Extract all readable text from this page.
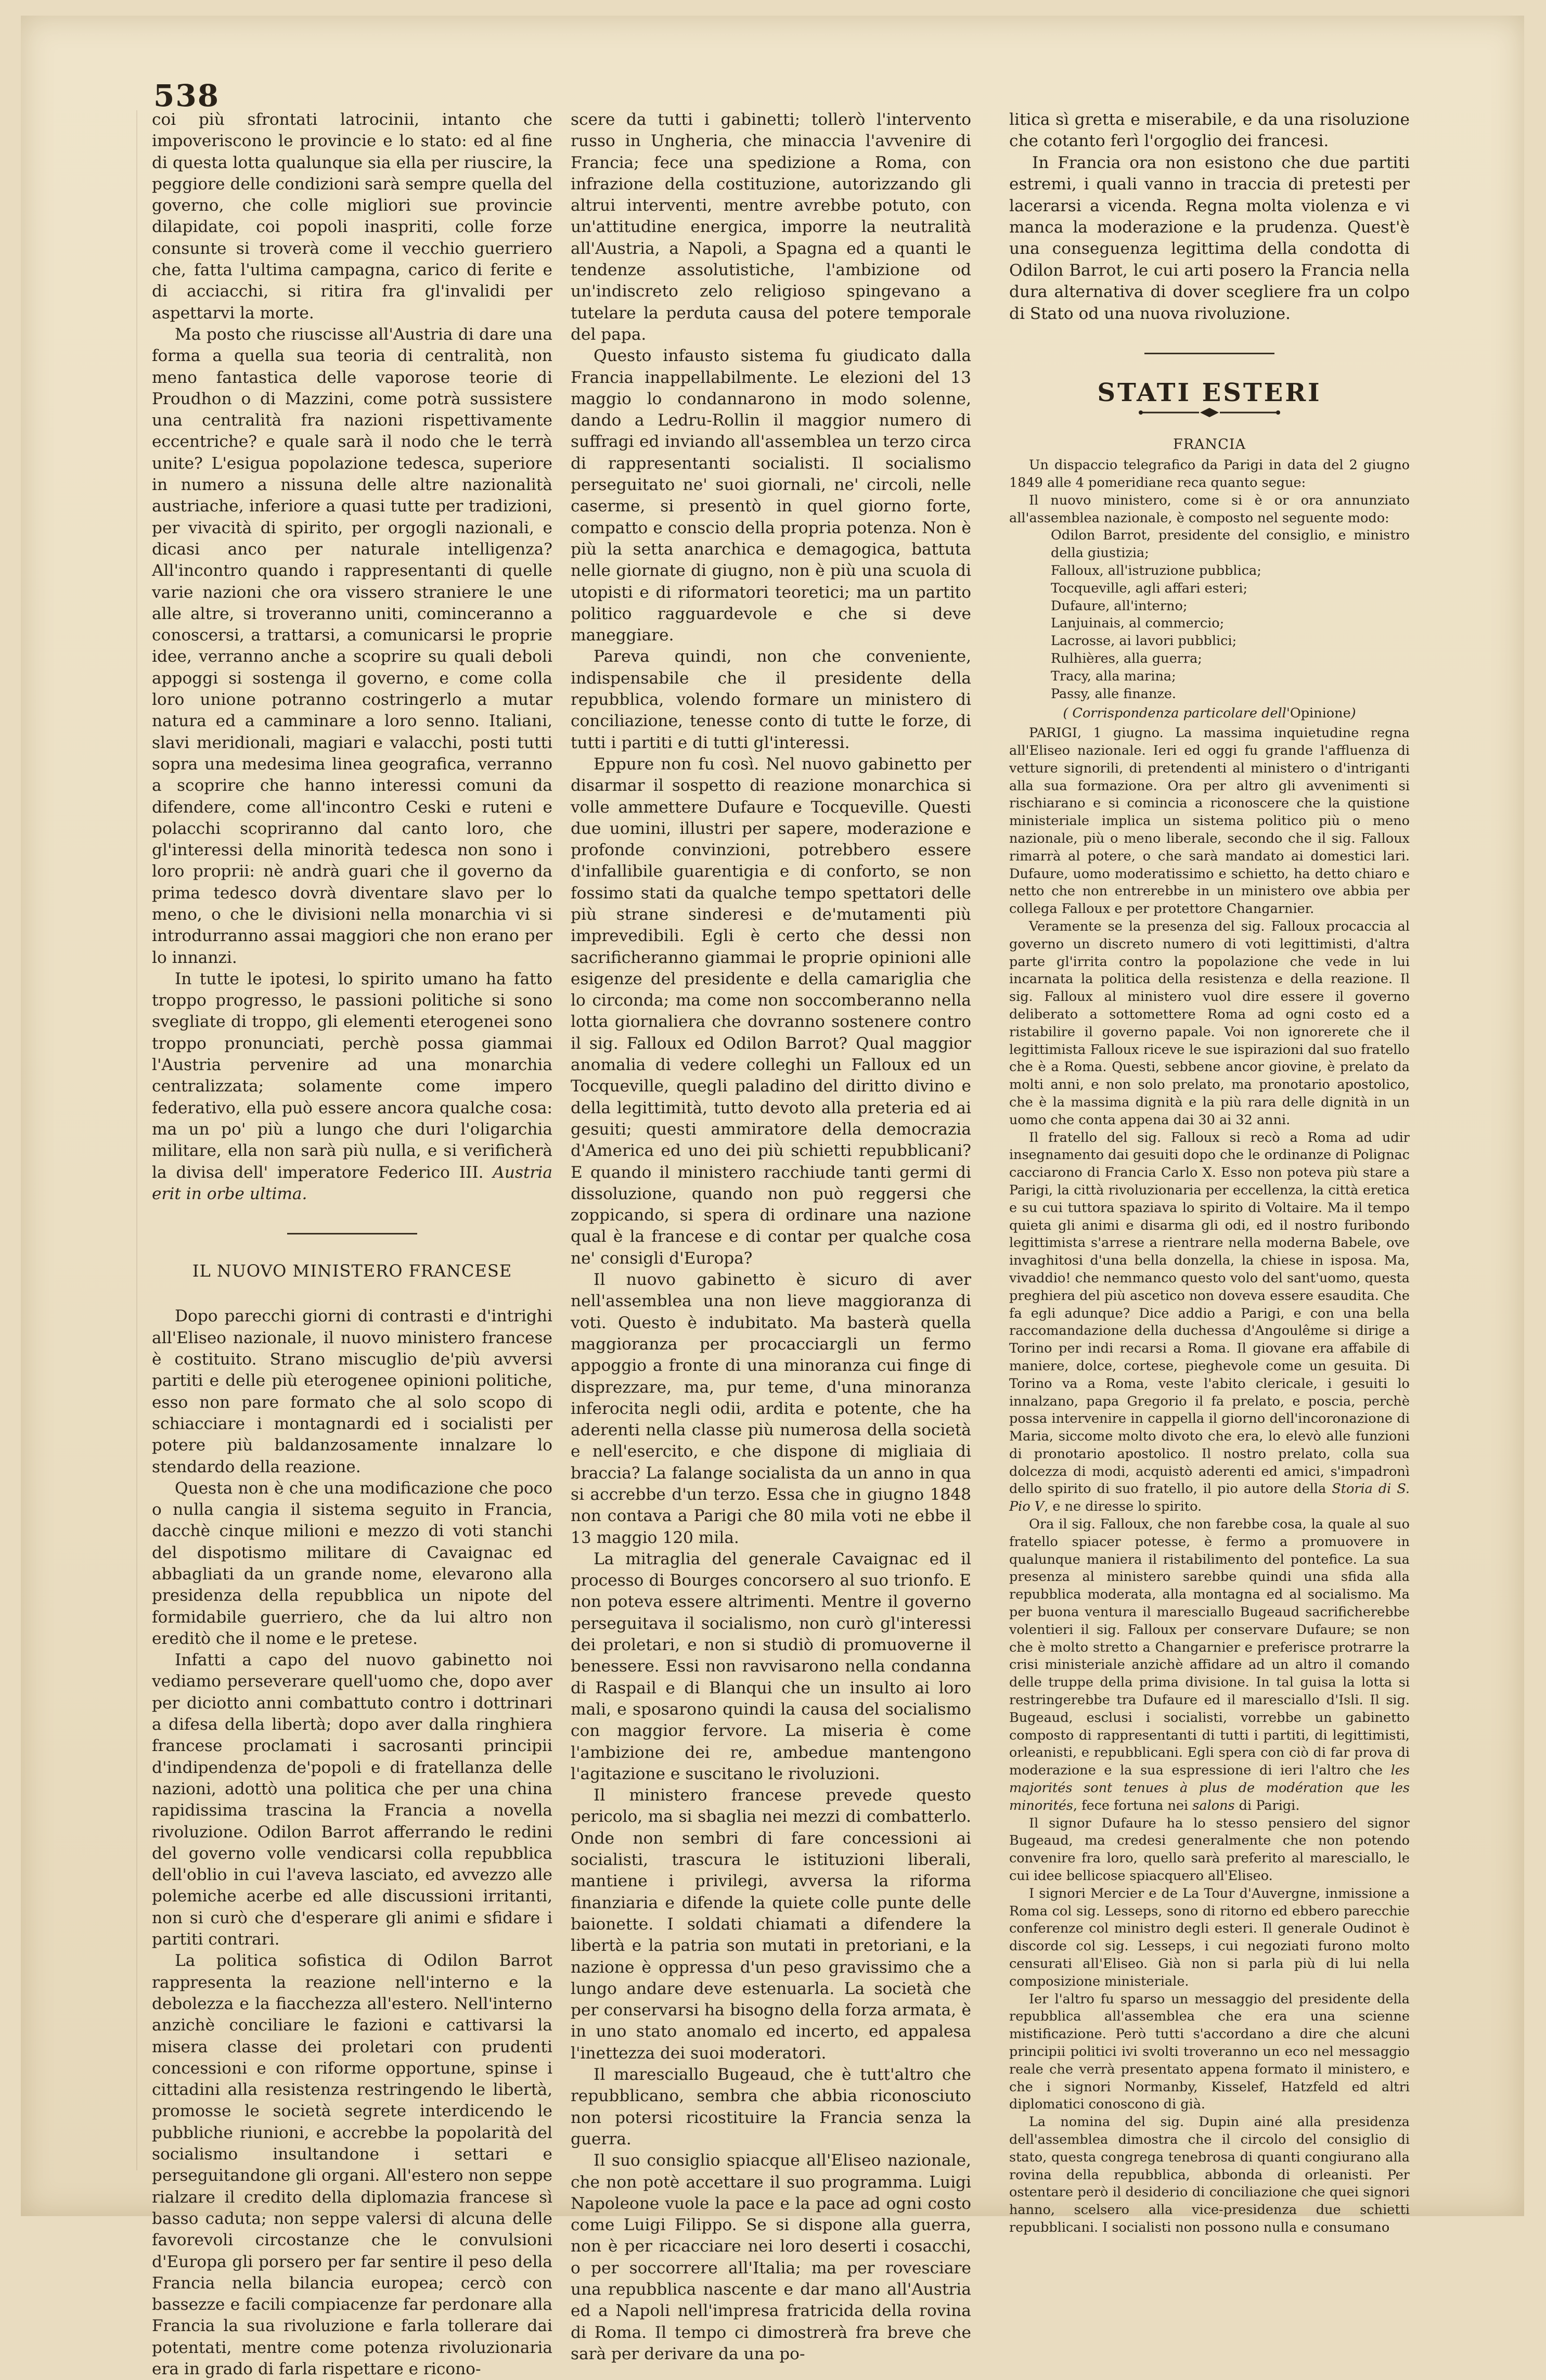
538

coi più sfrontati latrocinii, intanto che impoveriscono le provincie e lo stato: ed al fine di questa lotta qualunque sia ella per riuscire, la peggiore delle condizioni sarà sempre quella del governo, che colle migliori sue provincie dilapidate, coi popoli inaspriti, colle forze consunte si troverà come il vecchio guerriero che, fatta l'ultima campagna, carico di ferite e di acciacchi, si ritira fra gl'invalidi per aspettarvi la morte.

Ma posto che riuscisse all'Austria di dare una forma a quella sua teoria di centralità, non meno fantastica delle vaporose teorie di Proudhon o di Mazzini, come potrà sussistere una centralità fra nazioni rispettivamente eccentriche? e quale sarà il nodo che le terrà unite? L'esigua popolazione tedesca, superiore in numero a nissuna delle altre nazionalità austriache, inferiore a quasi tutte per tradizioni, per vivacità di spirito, per orgogli nazionali, e dicasi anco per naturale intelligenza? All'incontro quando i rappresentanti di quelle varie nazioni che ora vissero straniere le une alle altre, si troveranno uniti, cominceranno a conoscersi, a trattarsi, a comunicarsi le proprie idee, verranno anche a scoprire su quali deboli appoggi si sostenga il governo, e come colla loro unione potranno costringerlo a mutar natura ed a camminare a loro senno. Italiani, slavi meridionali, magiari e valacchi, posti tutti sopra una medesima linea geografica, verranno a scoprire che hanno interessi comuni da difendere, come all'incontro Ceski e ruteni e polacchi scopriranno dal canto loro, che gl'interessi della minorità tedesca non sono i loro proprii: nè andrà guari che il governo da prima tedesco dovrà diventare slavo per lo meno, o che le divisioni nella monarchia vi si introdurranno assai maggiori che non erano per lo innanzi.

In tutte le ipotesi, lo spirito umano ha fatto troppo progresso, le passioni politiche si sono svegliate di troppo, gli elementi eterogenei sono troppo pronunciati, perchè possa giammai l'Austria pervenire ad una monarchia centralizzata; solamente come impero federativo, ella può essere ancora qualche cosa: ma un po' più a lungo che duri l'oligarchia militare, ella non sarà più nulla, e si verificherà la divisa dell' imperatore Federico III. Austria erit in orbe ultima.

IL NUOVO MINISTERO FRANCESE

Dopo parecchi giorni di contrasti e d'intrighi all'Eliseo nazionale, il nuovo ministero francese è costituito. Strano miscuglio de'più avversi partiti e delle più eterogenee opinioni politiche, esso non pare formato che al solo scopo di schiacciare i montagnardi ed i socialisti per potere più baldanzosamente innalzare lo stendardo della reazione.

Questa non è che una modificazione che poco o nulla cangia il sistema seguito in Francia, dacchè cinque milioni e mezzo di voti stanchi del dispotismo militare di Cavaignac ed abbagliati da un grande nome, elevarono alla presidenza della repubblica un nipote del formidabile guerriero, che da lui altro non ereditò che il nome e le pretese.

Infatti a capo del nuovo gabinetto noi vediamo perseverare quell'uomo che, dopo aver per diciotto anni combattuto contro i dottrinari a difesa della libertà; dopo aver dalla ringhiera francese proclamati i sacrosanti principii d'indipendenza de'popoli e di fratellanza delle nazioni, adottò una politica che per una china rapidissima trascina la Francia a novella rivoluzione. Odilon Barrot afferrando le redini del governo volle vendicarsi colla repubblica dell'oblio in cui l'aveva lasciato, ed avvezzo alle polemiche acerbe ed alle discussioni irritanti, non si curò che d'esperare gli animi e sfidare i partiti contrari.

La politica sofistica di Odilon Barrot rappresenta la reazione nell'interno e la debolezza e la fiacchezza all'estero. Nell'interno anzichè conciliare le fazioni e cattivarsi la misera classe dei proletari con prudenti concessioni e con riforme opportune, spinse i cittadini alla resistenza restringendo le libertà, promosse le società segrete interdicendo le pubbliche riunioni, e accrebbe la popolarità del socialismo insultandone i settari e perseguitandone gli organi. All'estero non seppe rialzare il credito della diplomazia francese sì basso caduta; non seppe valersi di alcuna delle favorevoli circostanze che le convulsioni d'Europa gli porsero per far sentire il peso della Francia nella bilancia europea; cercò con bassezze e facili compiacenze far perdonare alla Francia la sua rivoluzione e farla tollerare dai potentati, mentre come potenza rivoluzionaria era in grado di farla rispettare e ricono-

scere da tutti i gabinetti; tollerò l'intervento russo in Ungheria, che minaccia l'avvenire di Francia; fece una spedizione a Roma, con infrazione della costituzione, autorizzando gli altrui interventi, mentre avrebbe potuto, con un'attitudine energica, imporre la neutralità all'Austria, a Napoli, a Spagna ed a quanti le tendenze assolutistiche, l'ambizione od un'indiscreto zelo religioso spingevano a tutelare la perduta causa del potere temporale del papa.

Questo infausto sistema fu giudicato dalla Francia inappellabilmente. Le elezioni del 13 maggio lo condannarono in modo solenne, dando a Ledru-Rollin il maggior numero di suffragi ed inviando all'assemblea un terzo circa di rappresentanti socialisti. Il socialismo perseguitato ne' suoi giornali, ne' circoli, nelle caserme, si presentò in quel giorno forte, compatto e conscio della propria potenza. Non è più la setta anarchica e demagogica, battuta nelle giornate di giugno, non è più una scuola di utopisti e di riformatori teoretici; ma un partito politico ragguardevole e che si deve maneggiare.

Pareva quindi, non che conveniente, indispensabile che il presidente della repubblica, volendo formare un ministero di conciliazione, tenesse conto di tutte le forze, di tutti i partiti e di tutti gl'interessi.

Eppure non fu così. Nel nuovo gabinetto per disarmar il sospetto di reazione monarchica si volle ammettere Dufaure e Tocqueville. Questi due uomini, illustri per sapere, moderazione e profonde convinzioni, potrebbero essere d'infallibile guarentigia e di conforto, se non fossimo stati da qualche tempo spettatori delle più strane sinderesi e de'mutamenti più imprevedibili. Egli è certo che dessi non sacrificheranno giammai le proprie opinioni alle esigenze del presidente e della camariglia che lo circonda; ma come non soccomberanno nella lotta giornaliera che dovranno sostenere contro il sig. Falloux ed Odilon Barrot? Qual maggior anomalia di vedere colleghi un Falloux ed un Tocqueville, quegli paladino del diritto divino e della legittimità, tutto devoto alla preteria ed ai gesuiti; questi ammiratore della democrazia d'America ed uno dei più schietti repubblicani? E quando il ministero racchiude tanti germi di dissoluzione, quando non può reggersi che zoppicando, si spera di ordinare una nazione qual è la francese e di contar per qualche cosa ne' consigli d'Europa?

Il nuovo gabinetto è sicuro di aver nell'assemblea una non lieve maggioranza di voti. Questo è indubitato. Ma basterà quella maggioranza per procacciargli un fermo appoggio a fronte di una minoranza cui finge di disprezzare, ma, pur teme, d'una minoranza inferocita negli odii, ardita e potente, che ha aderenti nella classe più numerosa della società e nell'esercito, e che dispone di migliaia di braccia? La falange socialista da un anno in qua si accrebbe d'un terzo. Essa che in giugno 1848 non contava a Parigi che 80 mila voti ne ebbe il 13 maggio 120 mila.

La mitraglia del generale Cavaignac ed il processo di Bourges concorsero al suo trionfo. E non poteva essere altrimenti. Mentre il governo perseguitava il socialismo, non curò gl'interessi dei proletari, e non si studiò di promuoverne il benessere. Essi non ravvisarono nella condanna di Raspail e di Blanqui che un insulto ai loro mali, e sposarono quindi la causa del socialismo con maggior fervore. La miseria è come l'ambizione dei re, ambedue mantengono l'agitazione e suscitano le rivoluzioni.

Il ministero francese prevede questo pericolo, ma si sbaglia nei mezzi di combatterlo. Onde non sembri di fare concessioni ai socialisti, trascura le istituzioni liberali, mantiene i privilegi, avversa la riforma finanziaria e difende la quiete colle punte delle baionette. I soldati chiamati a difendere la libertà e la patria son mutati in pretoriani, e la nazione è oppressa d'un peso gravissimo che a lungo andare deve estenuarla. La società che per conservarsi ha bisogno della forza armata, è in uno stato anomalo ed incerto, ed appalesa l'inettezza dei suoi moderatori.

Il maresciallo Bugeaud, che è tutt'altro che repubblicano, sembra che abbia riconosciuto non potersi ricostituire la Francia senza la guerra.

Il suo consiglio spiacque all'Eliseo nazionale, che non potè accettare il suo programma. Luigi Napoleone vuole la pace e la pace ad ogni costo come Luigi Filippo. Se si dispone alla guerra, non è per ricacciare nei loro deserti i cosacchi, o per soccorrere all'Italia; ma per rovesciare una repubblica nascente e dar mano all'Austria ed a Napoli nell'impresa fratricida della rovina di Roma. Il tempo ci dimostrerà fra breve che sarà per derivare da una po-

litica sì gretta e miserabile, e da una risoluzione che cotanto ferì l'orgoglio dei francesi.

In Francia ora non esistono che due partiti estremi, i quali vanno in traccia di pretesti per lacerarsi a vicenda. Regna molta violenza e vi manca la moderazione e la prudenza. Quest'è una conseguenza legittima della condotta di Odilon Barrot, le cui arti posero la Francia nella dura alternativa di dover scegliere fra un colpo di Stato od una nuova rivoluzione.

STATI ESTERI
FRANCIA

Un dispaccio telegrafico da Parigi in data del 2 giugno 1849 alle 4 pomeridiane reca quanto segue:

Il nuovo ministero, come si è or ora annunziato all'assemblea nazionale, è composto nel seguente modo:

Odilon Barrot, presidente del consiglio, e ministro della giustizia;
Falloux, all'istruzione pubblica;
Tocqueville, agli affari esteri;
Dufaure, all'interno;
Lanjuinais, al commercio;
Lacrosse, ai lavori pubblici;
Rulhières, alla guerra;
Tracy, alla marina;
Passy, alle finanze.
( Corrispondenza particolare dell'Opinione)

PARIGI, 1 giugno. La massima inquietudine regna all'Eliseo nazionale. Ieri ed oggi fu grande l'affluenza di vetture signorili, di pretendenti al ministero o d'intriganti alla sua formazione. Ora per altro gli avvenimenti si rischiarano e si comincia a riconoscere che la quistione ministeriale implica un sistema politico più o meno nazionale, più o meno liberale, secondo che il sig. Falloux rimarrà al potere, o che sarà mandato ai domestici lari. Dufaure, uomo moderatissimo e schietto, ha detto chiaro e netto che non entrerebbe in un ministero ove abbia per collega Falloux e per protettore Changarnier.

Veramente se la presenza del sig. Falloux procaccia al governo un discreto numero di voti legittimisti, d'altra parte gl'irrita contro la popolazione che vede in lui incarnata la politica della resistenza e della reazione. Il sig. Falloux al ministero vuol dire essere il governo deliberato a sottomettere Roma ad ogni costo ed a ristabilire il governo papale. Voi non ignorerete che il legittimista Falloux riceve le sue ispirazioni dal suo fratello che è a Roma. Questi, sebbene ancor giovine, è prelato da molti anni, e non solo prelato, ma pronotario apostolico, che è la massima dignità e la più rara delle dignità in un uomo che conta appena dai 30 ai 32 anni.

Il fratello del sig. Falloux si recò a Roma ad udir insegnamento dai gesuiti dopo che le ordinanze di Polignac cacciarono di Francia Carlo X. Esso non poteva più stare a Parigi, la città rivoluzionaria per eccellenza, la città eretica e su cui tuttora spaziava lo spirito di Voltaire. Ma il tempo quieta gli animi e disarma gli odi, ed il nostro furibondo legittimista s'arrese a rientrare nella moderna Babele, ove invaghitosi d'una bella donzella, la chiese in isposa. Ma, vivaddio! che nemmanco questo volo del sant'uomo, questa preghiera del più ascetico non doveva essere esaudita. Che fa egli adunque? Dice addio a Parigi, e con una bella raccomandazione della duchessa d'Angoulême si dirige a Torino per indi recarsi a Roma. Il giovane era affabile di maniere, dolce, cortese, pieghevole come un gesuita. Di Torino va a Roma, veste l'abito clericale, i gesuiti lo innalzano, papa Gregorio il fa prelato, e poscia, perchè possa intervenire in cappella il giorno dell'incoronazione di Maria, siccome molto divoto che era, lo elevò alle funzioni di pronotario apostolico. Il nostro prelato, colla sua dolcezza di modi, acquistò aderenti ed amici, s'impadronì dello spirito di suo fratello, il pio autore della Storia di S. Pio V, e ne diresse lo spirito.

Ora il sig. Falloux, che non farebbe cosa, la quale al suo fratello spiacer potesse, è fermo a promuovere in qualunque maniera il ristabilimento del pontefice. La sua presenza al ministero sarebbe quindi una sfida alla repubblica moderata, alla montagna ed al socialismo. Ma per buona ventura il maresciallo Bugeaud sacrificherebbe volentieri il sig. Falloux per conservare Dufaure; se non che è molto stretto a Changarnier e preferisce protrarre la crisi ministeriale anzichè affidare ad un altro il comando delle truppe della prima divisione. In tal guisa la lotta si restringerebbe tra Dufaure ed il maresciallo d'Isli. Il sig. Bugeaud, esclusi i socialisti, vorrebbe un gabinetto composto di rappresentanti di tutti i partiti, di legittimisti, orleanisti, e repubblicani. Egli spera con ciò di far prova di moderazione e la sua espressione di ieri l'altro che les majorités sont tenues à plus de modération que les minorités, fece fortuna nei salons di Parigi.

Il signor Dufaure ha lo stesso pensiero del signor Bugeaud, ma credesi generalmente che non potendo convenire fra loro, quello sarà preferito al maresciallo, le cui idee bellicose spiacquero all'Eliseo.

I signori Mercier e de La Tour d'Auvergne, inmissione a Roma col sig. Lesseps, sono di ritorno ed ebbero parecchie conferenze col ministro degli esteri. Il generale Oudinot è discorde col sig. Lesseps, i cui negoziati furono molto censurati all'Eliseo. Già non si parla più di lui nella composizione ministeriale.

Ier l'altro fu sparso un messaggio del presidente della repubblica all'assemblea che era una scienne mistificazione. Però tutti s'accordano a dire che alcuni principii politici ivi svolti troveranno un eco nel messaggio reale che verrà presentato appena formato il ministero, e che i signori Normanby, Kisselef, Hatzfeld ed altri diplomatici conoscono di già.

La nomina del sig. Dupin ainé alla presidenza dell'assemblea dimostra che il circolo del consiglio di stato, questa congrega tenebrosa di quanti congiurano alla rovina della repubblica, abbonda di orleanisti. Per ostentare però il desiderio di conciliazione che quei signori hanno, scelsero alla vice-presidenza due schietti repubblicani. I socialisti non possono nulla e consumano
